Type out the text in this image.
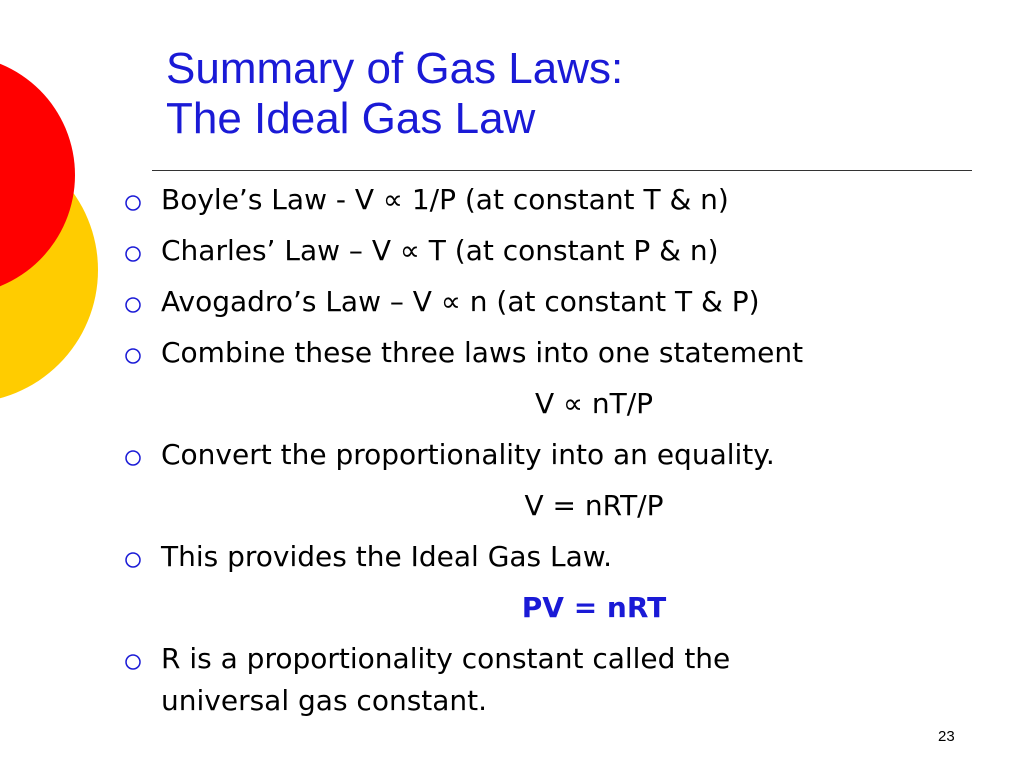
Summary of Gas Laws:
The Ideal Gas Law

Boyle’s Law - V ∝ 1/P (at constant T & n)

Charles’ Law – V ∝ T (at constant P & n)

Avogadro’s Law – V ∝ n (at constant T & P)

Combine these three laws into one statement

V ∝ nT/P

Convert the proportionality into an equality.

V = nRT/P

This provides the Ideal Gas Law.

PV = nRT

R is a proportionality constant called the

universal gas constant.

23
